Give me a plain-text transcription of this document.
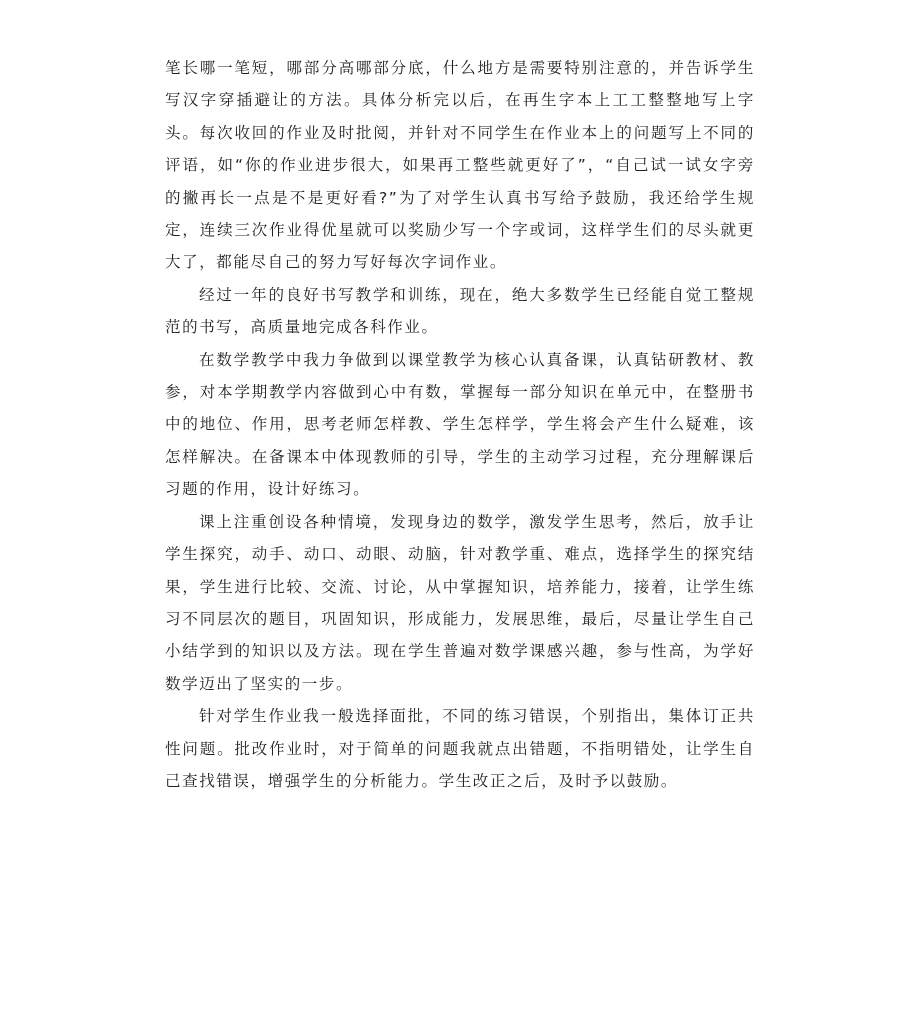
笔长哪一笔短，哪部分高哪部分底，什么地方是需要特别注意的，并告诉学生写汉字穿插避让的方法。具体分析完以后，在再生字本上工工整整地写上字头。每次收回的作业及时批阅，并针对不同学生在作业本上的问题写上不同的评语，如“你的作业进步很大，如果再工整些就更好了”，“自己试一试女字旁的撇再长一点是不是更好看?”为了对学生认真书写给予鼓励，我还给学生规定，连续三次作业得优星就可以奖励少写一个字或词，这样学生们的尽头就更大了，都能尽自己的努力写好每次字词作业。

经过一年的良好书写教学和训练，现在，绝大多数学生已经能自觉工整规范的书写，高质量地完成各科作业。

在数学教学中我力争做到以课堂教学为核心认真备课，认真钻研教材、教参，对本学期教学内容做到心中有数，掌握每一部分知识在单元中，在整册书中的地位、作用，思考老师怎样教、学生怎样学，学生将会产生什么疑难，该怎样解决。在备课本中体现教师的引导，学生的主动学习过程，充分理解课后习题的作用，设计好练习。

课上注重创设各种情境，发现身边的数学，激发学生思考，然后，放手让学生探究，动手、动口、动眼、动脑，针对教学重、难点，选择学生的探究结果，学生进行比较、交流、讨论，从中掌握知识，培养能力，接着，让学生练习不同层次的题目，巩固知识，形成能力，发展思维，最后，尽量让学生自己小结学到的知识以及方法。现在学生普遍对数学课感兴趣，参与性高，为学好数学迈出了坚实的一步。

针对学生作业我一般选择面批，不同的练习错误，个别指出，集体订正共性问题。批改作业时，对于简单的问题我就点出错题，不指明错处，让学生自己查找错误，增强学生的分析能力。学生改正之后，及时予以鼓励。
